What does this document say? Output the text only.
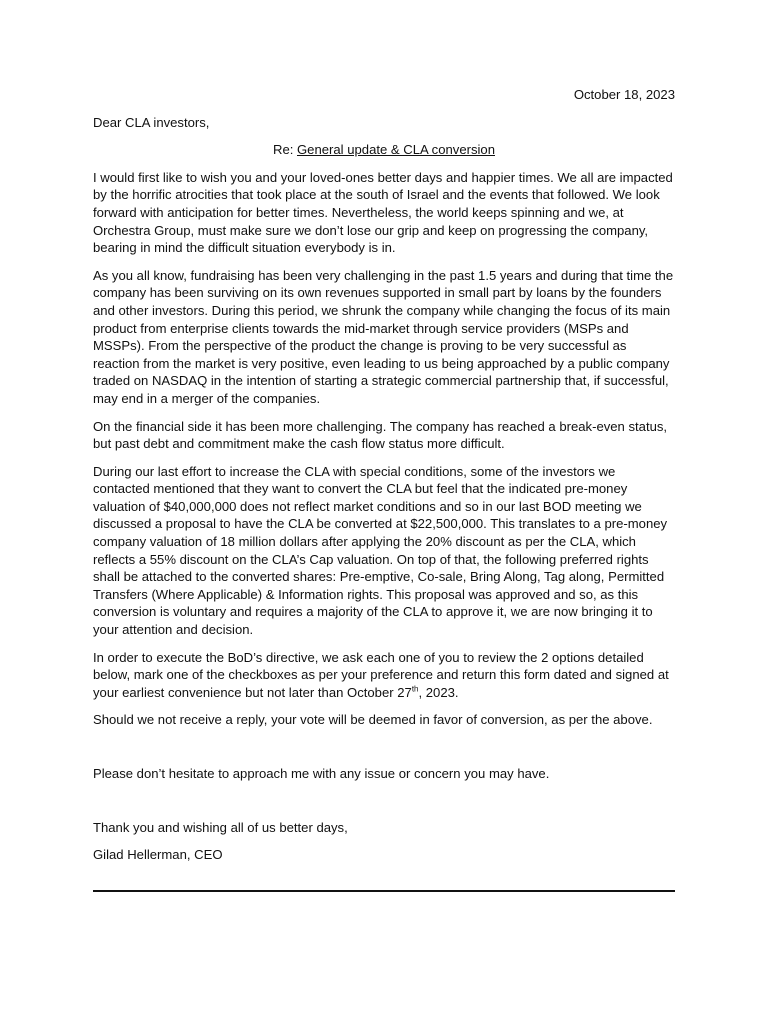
October 18, 2023

Dear CLA investors,

Re: General update & CLA conversion

I would first like to wish you and your loved-ones better days and happier times. We all are impacted by the horrific atrocities that took place at the south of Israel and the events that followed. We look forward with anticipation for better times. Nevertheless, the world keeps spinning and we, at Orchestra Group, must make sure we don’t lose our grip and keep on progressing the company, bearing in mind the difficult situation everybody is in.

As you all know, fundraising has been very challenging in the past 1.5 years and during that time the company has been surviving on its own revenues supported in small part by loans by the founders and other investors. During this period, we shrunk the company while changing the focus of its main product from enterprise clients towards the mid-market through service providers (MSPs and MSSPs). From the perspective of the product the change is proving to be very successful as reaction from the market is very positive, even leading to us being approached by a public company traded on NASDAQ in the intention of starting a strategic commercial partnership that, if successful, may end in a merger of the companies.

On the financial side it has been more challenging. The company has reached a break-even status, but past debt and commitment make the cash flow status more difficult.

During our last effort to increase the CLA with special conditions, some of the investors we contacted mentioned that they want to convert the CLA but feel that the indicated pre-money valuation of $40,000,000 does not reflect market conditions and so in our last BOD meeting we discussed a proposal to have the CLA be converted at $22,500,000. This translates to a pre-money company valuation of 18 million dollars after applying the 20% discount as per the CLA, which reflects a 55% discount on the CLA’s Cap valuation. On top of that, the following preferred rights shall be attached to the converted shares: Pre-emptive, Co-sale, Bring Along, Tag along, Permitted Transfers (Where Applicable) & Information rights. This proposal was approved and so, as this conversion is voluntary and requires a majority of the CLA to approve it, we are now bringing it to your attention and decision.

In order to execute the BoD’s directive, we ask each one of you to review the 2 options detailed below, mark one of the checkboxes as per your preference and return this form dated and signed at your earliest convenience but not later than October 27th, 2023.

Should we not receive a reply, your vote will be deemed in favor of conversion, as per the above.

Please don’t hesitate to approach me with any issue or concern you may have.

Thank you and wishing all of us better days,

Gilad Hellerman, CEO
